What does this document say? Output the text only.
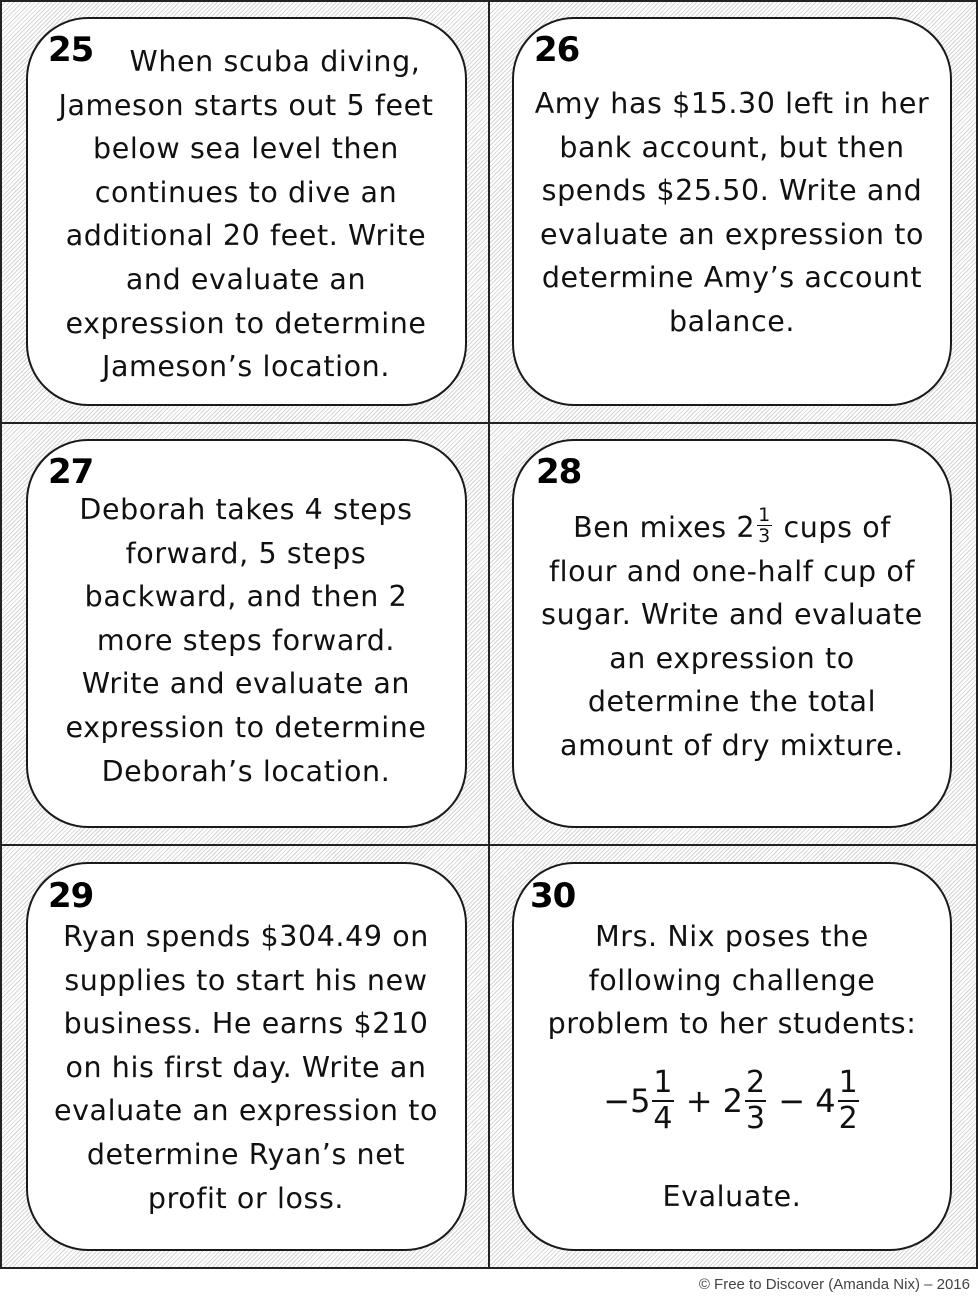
25	When scuba diving,
Jameson starts out 5 feet
below sea level then
continues to dive an
additional 20 feet. Write
and evaluate an
expression to determine
Jameson’s location.
26
Amy has $15.30 left in her
bank account, but then
spends $25.50. Write and
evaluate an expression to
determine Amy’s account
balance.
27
Deborah takes 4 steps
forward, 5 steps
backward, and then 2
more steps forward.
Write and evaluate an
expression to determine
Deborah’s location.
28
Ben mixes $2 \frac{1}{3}$ cups of
flour and one-half cup of
sugar. Write and evaluate
an expression to
determine the total
amount of dry mixture.
29
Ryan spends $304.49 on
supplies to start his new
business. He earns $210
on his first day. Write an
evaluate an expression to
determine Ryan’s net
profit or loss.
30
Mrs. Nix poses the
following challenge
problem to her students:
$-5 \frac{1}{4} + 2 \frac{2}{3} - 4 \frac{1}{2}$
Evaluate.
© Free to Discover (Amanda Nix) – 2016
